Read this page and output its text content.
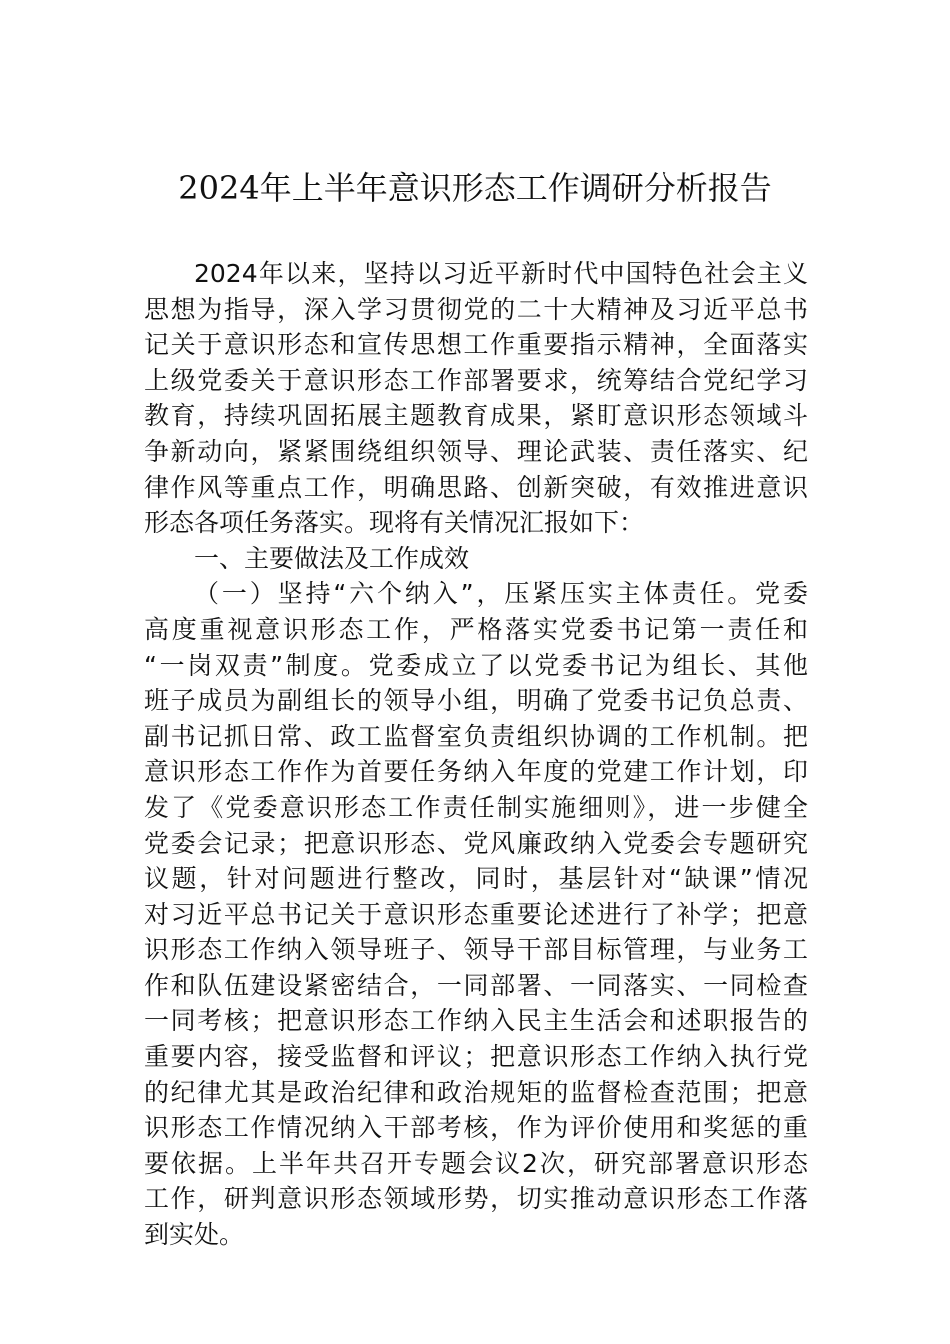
2024年上半年意识形态工作调研分析报告
2024年以来，坚持以习近平新时代中国特色社会主义
思想为指导，深入学习贯彻党的二十大精神及习近平总书
记关于意识形态和宣传思想工作重要指示精神，全面落实
上级党委关于意识形态工作部署要求，统筹结合党纪学习
教育，持续巩固拓展主题教育成果，紧盯意识形态领域斗
争新动向，紧紧围绕组织领导、理论武装、责任落实、纪
律作风等重点工作，明确思路、创新突破，有效推进意识
形态各项任务落实。现将有关情况汇报如下：
一、主要做法及工作成效
（一）坚持“六个纳入”，压紧压实主体责任。党委
高度重视意识形态工作，严格落实党委书记第一责任和
“一岗双责”制度。党委成立了以党委书记为组长、其他
班子成员为副组长的领导小组，明确了党委书记负总责、
副书记抓日常、政工监督室负责组织协调的工作机制。把
意识形态工作作为首要任务纳入年度的党建工作计划，印
发了《党委意识形态工作责任制实施细则》，进一步健全
党委会记录；把意识形态、党风廉政纳入党委会专题研究
议题，针对问题进行整改，同时，基层针对“缺课”情况
对习近平总书记关于意识形态重要论述进行了补学；把意
识形态工作纳入领导班子、领导干部目标管理，与业务工
作和队伍建设紧密结合，一同部署、一同落实、一同检查
一同考核；把意识形态工作纳入民主生活会和述职报告的
重要内容，接受监督和评议；把意识形态工作纳入执行党
的纪律尤其是政治纪律和政治规矩的监督检查范围；把意
识形态工作情况纳入干部考核，作为评价使用和奖惩的重
要依据。上半年共召开专题会议2次，研究部署意识形态
工作，研判意识形态领域形势，切实推动意识形态工作落
到实处。
